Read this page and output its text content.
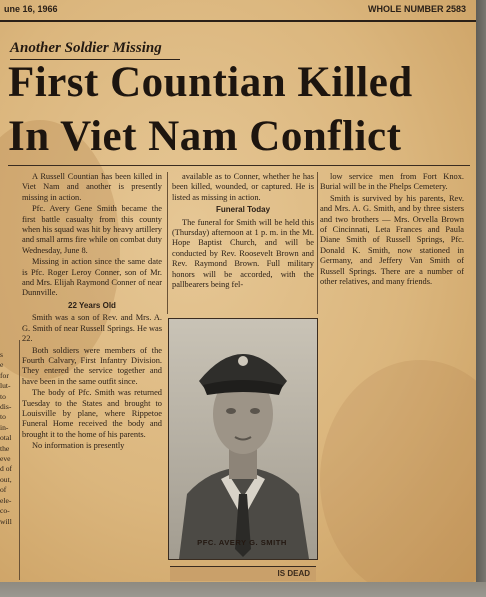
une 16, 1966	WHOLE NUMBER 2583
Another Soldier Missing
First Countian Killed
In Viet Nam Conflict
s
e
for
lut-
to
dis-
to
in-
otal
the
eve
d of
out,
of
ele-
co-
will

A Russell Countian has been killed in Viet Nam and another is presently missing in action.

Pfc. Avery Gene Smith became the first battle casualty from this county when his squad was hit by heavy artillery and small arms fire while on combat duty Wednesday, June 8.

Missing in action since the same date is Pfc. Roger Leroy Conner, son of Mr. and Mrs. Elijah Raymond Conner of near Dunnville.

22 Years Old

Smith was a son of Rev. and Mrs. A. G. Smith of near Russell Springs. He was 22.

Both soldiers were members of the Fourth Calvary, First Infantry Division. They entered the service together and have been in the same outfit since.

The body of Pfc. Smith was returned Tuesday to the States and brought to Louisville by plane, where Rippetoe Funeral Home received the body and brought it to the home of his parents.

No information is presently

available as to Conner, whether he has been killed, wounded, or captured. He is listed as missing in action.

Funeral Today

The funeral for Smith will be held this (Thursday) afternoon at 1 p. m. in the Mt. Hope Baptist Church, and will be conducted by Rev. Roosevelt Brown and Rev. Raymond Brown. Full military honors will be accorded, with the pallbearers being fel-

low service men from Fort Knox. Burial will be in the Phelps Cemetery.

Smith is survived by his parents, Rev. and Mrs. A. G. Smith, and by three sisters and two brothers — Mrs. Orvella Brown of Cincinnati, Leta Frances and Paula Diane Smith of Russell Springs, Pfc. Donald K. Smith, now stationed in Germany, and Jeffery Van Smith of Russell Springs. There are a number of other relatives, and many friends.

PFC. AVERY G. SMITH
IS DEAD
